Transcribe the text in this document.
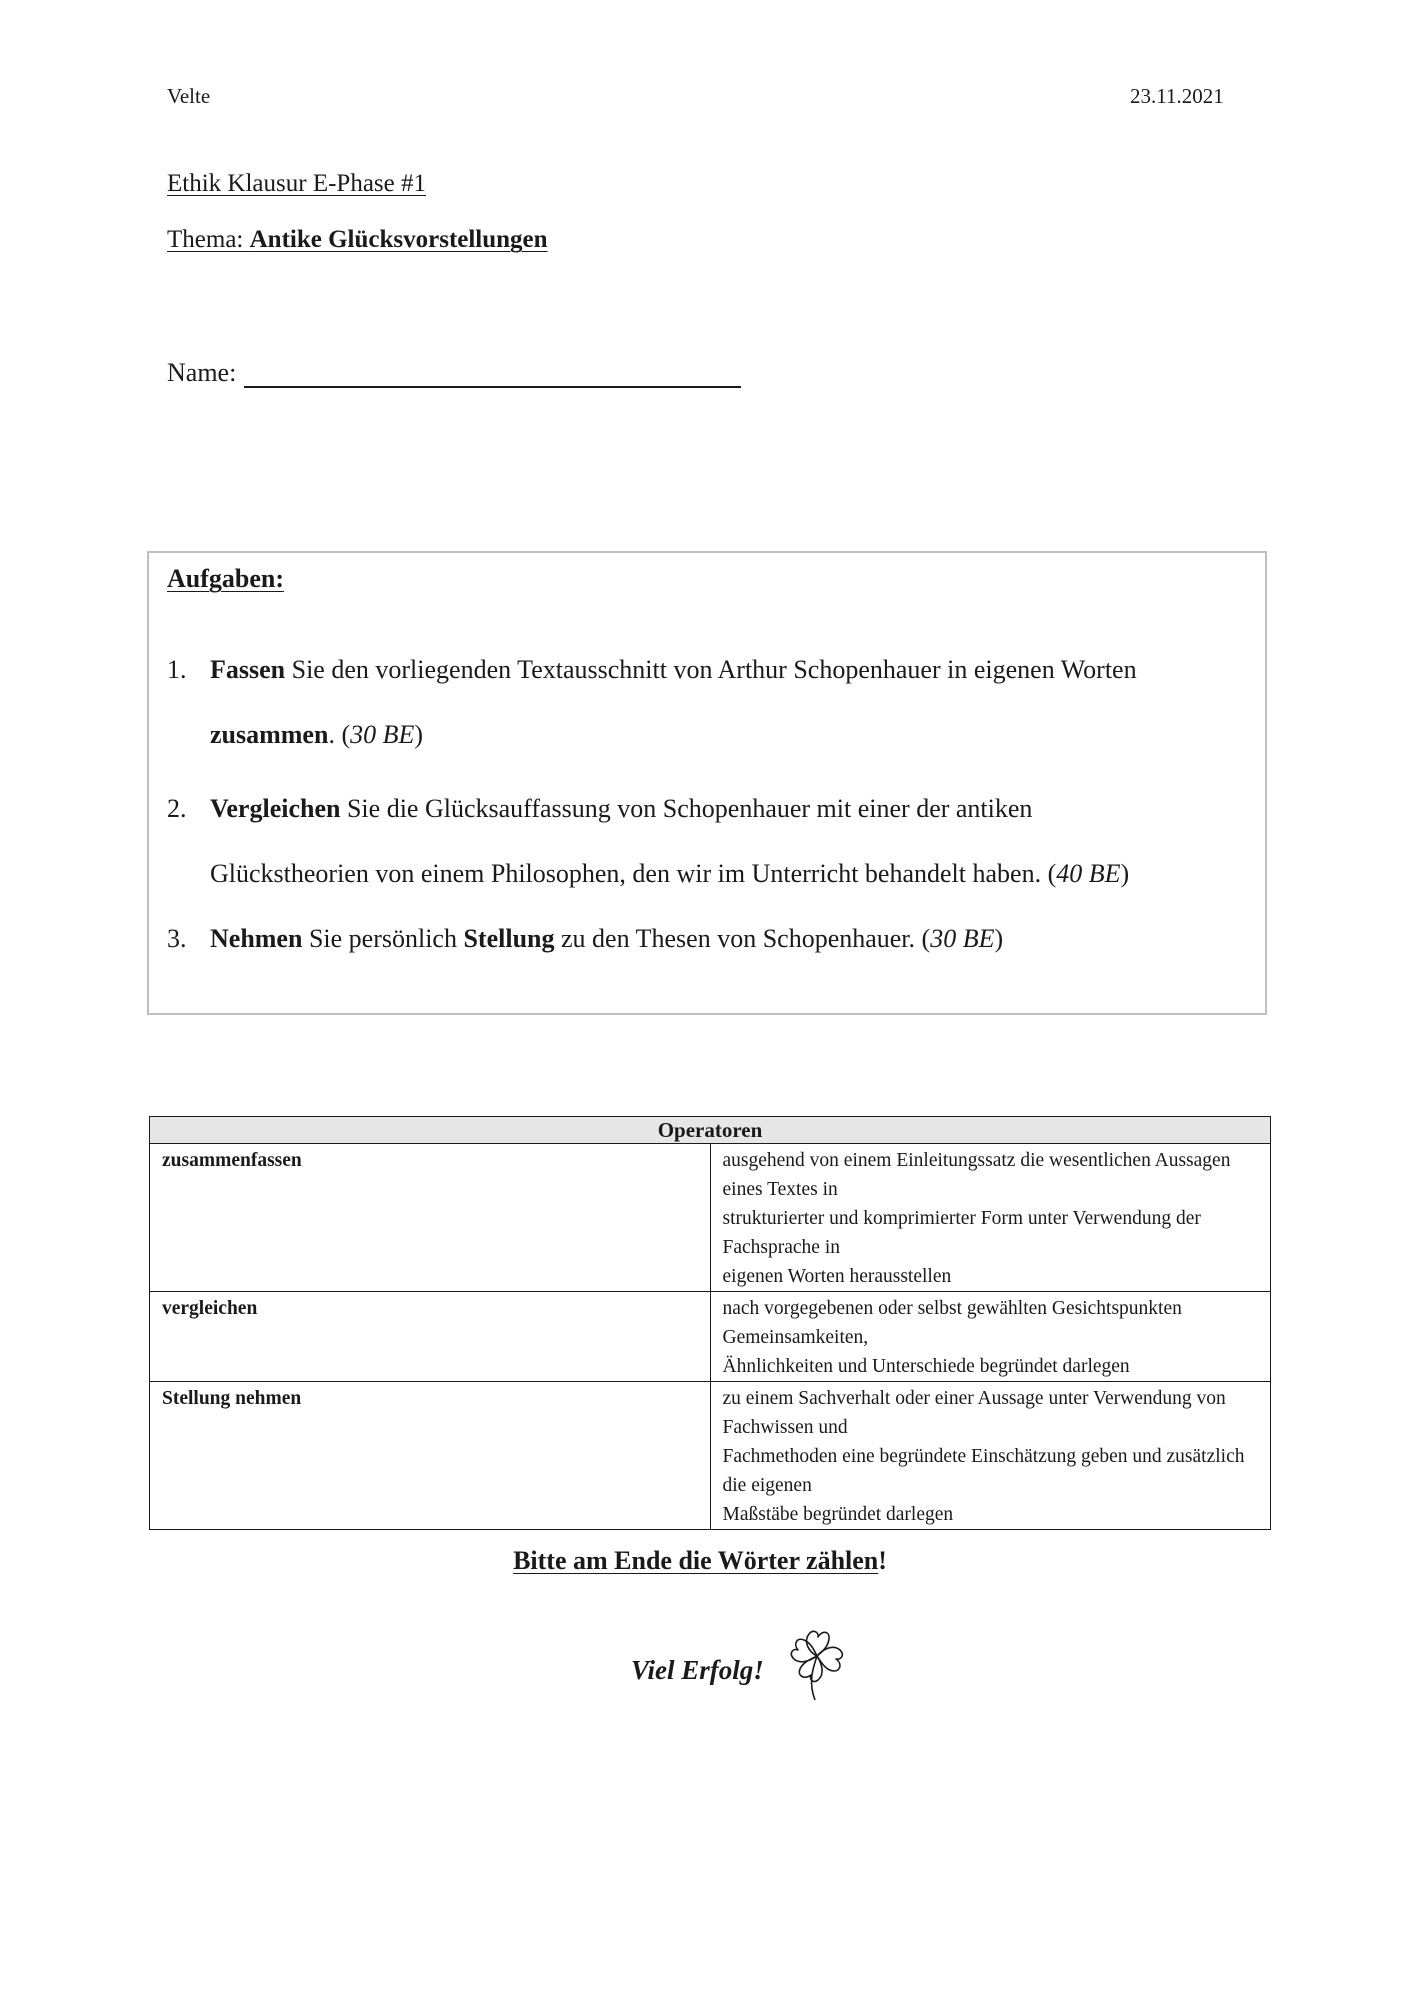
Velte	23.11.2021
Ethik Klausur E-Phase #1
Thema: Antike Glücksvorstellungen
Name:
Aufgaben:
1. Fassen Sie den vorliegenden Textausschnitt von Arthur Schopenhauer in eigenen Worten
zusammen. (30 BE)
2. Vergleichen Sie die Glücksauffassung von Schopenhauer mit einer der antiken
Glückstheorien von einem Philosophen, den wir im Unterricht behandelt haben. (40 BE)
3. Nehmen Sie persönlich Stellung zu den Thesen von Schopenhauer. (30 BE)
Operatoren	
zusammenfassen	ausgehend von einem Einleitungssatz die wesentlichen Aussagen eines Textes in
strukturierter und komprimierter Form unter Verwendung der Fachsprache in
eigenen Worten herausstellen

vergleichen	nach vorgegebenen oder selbst gewählten Gesichtspunkten Gemeinsamkeiten,
Ähnlichkeiten und Unterschiede begründet darlegen

Stellung nehmen	zu einem Sachverhalt oder einer Aussage unter Verwendung von Fachwissen und
Fachmethoden eine begründete Einschätzung geben und zusätzlich die eigenen
Maßstäbe begründet darlegen
Bitte am Ende die Wörter zählen!
Viel Erfolg!
